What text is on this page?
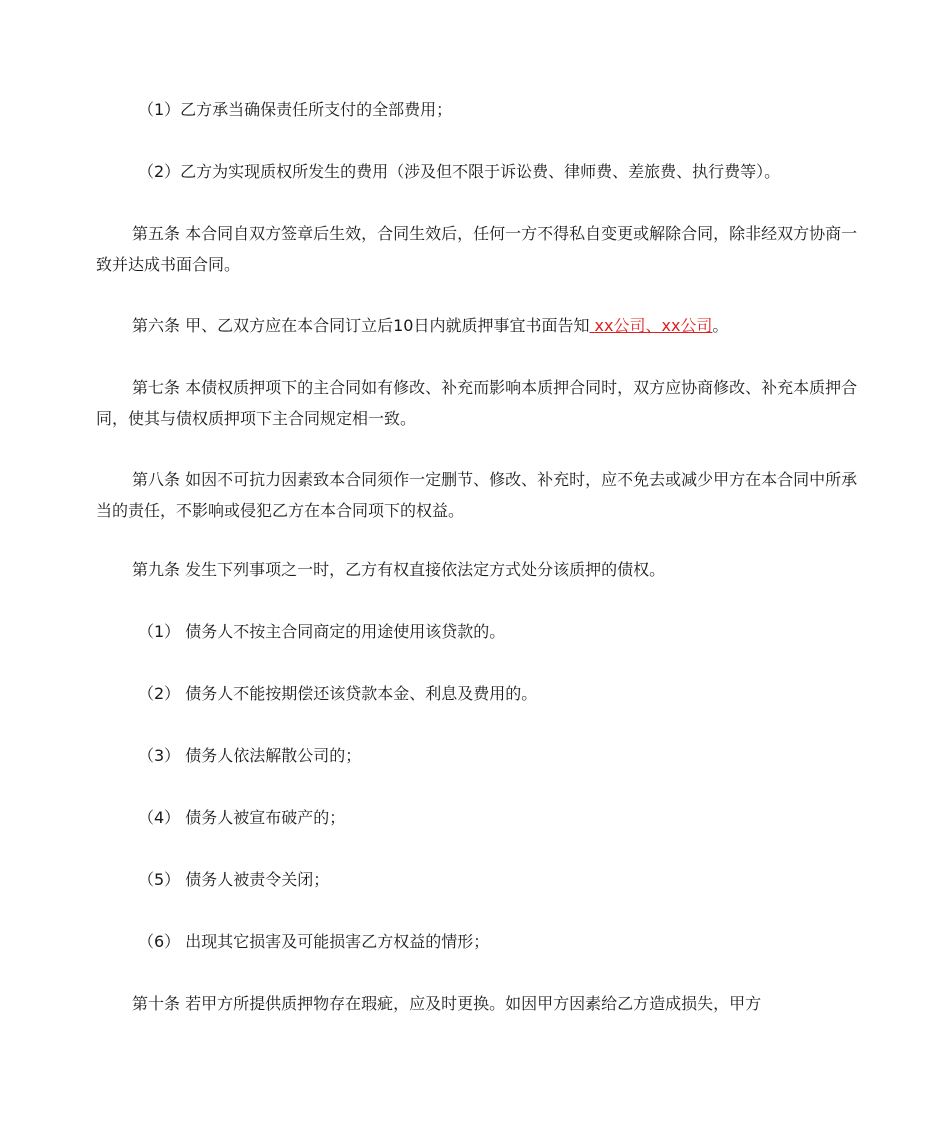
（1）乙方承当确保责任所支付的全部费用；

（2）乙方为实现质权所发生的费用（涉及但不限于诉讼费、律师费、差旅费、执行费等）。

第五条 本合同自双方签章后生效，合同生效后，任何一方不得私自变更或解除合同，除非经双方协商一致并达成书面合同。

第六条 甲、乙双方应在本合同订立后10日内就质押事宜书面告知 xx公司、xx公司。

第七条 本债权质押项下的主合同如有修改、补充而影响本质押合同时，双方应协商修改、补充本质押合同，使其与债权质押项下主合同规定相一致。

第八条 如因不可抗力因素致本合同须作一定删节、修改、补充时，应不免去或减少甲方在本合同中所承当的责任，不影响或侵犯乙方在本合同项下的权益。

第九条 发生下列事项之一时，乙方有权直接依法定方式处分该质押的债权。

（1） 债务人不按主合同商定的用途使用该贷款的。

（2） 债务人不能按期偿还该贷款本金、利息及费用的。

（3） 债务人依法解散公司的；

（4） 债务人被宣布破产的；

（5） 债务人被责令关闭；

（6） 出现其它损害及可能损害乙方权益的情形；

第十条 若甲方所提供质押物存在瑕疵，应及时更换。如因甲方因素给乙方造成损失，甲方
